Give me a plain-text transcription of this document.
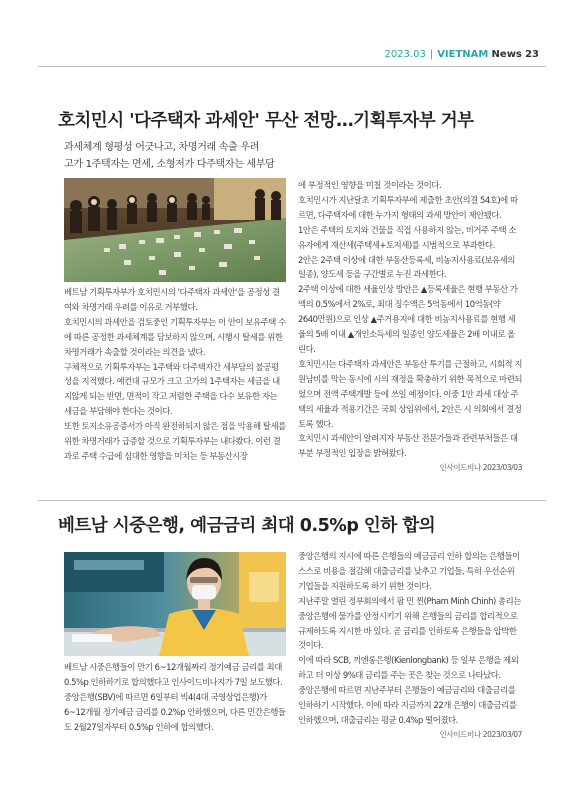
2023.03 | VIETNAM News 23
호치민시 '다주택자 과세안' 무산 전망…기획투자부 거부
과세체계 형평성 어긋나고, 차명거래 속출 우려
고가 1주택자는 면세, 소형저가 다주택자는 세부담

베트남 기획투자부가 호치민시의 '다주택자 과세안'을 공정성 결여와 차명거래 우려를 이유로 거부했다.

호치민시의 과세안을 검토중인 기획투자부는 이 안이 보유주택 수에 따른 공정한 과세체계를 담보하지 않으며, 시행시 탈세를 위한 차명거래가 속출할 것이라는 의견을 냈다.

구체적으로 기획투자부는 1주택와 다주택자간 세부담의 불공평성을 지적했다. 예컨대 규모가 크고 고가의 1주택자는 세금을 내지않게 되는 반면, 면적이 작고 저렴한 주택을 다수 보유한 자는 세금을 부담해야 한다는 것이다.

또한 토지소유공증서가 아직 완전하되지 않은 점을 악용해 탈세를 위한 차명거래가 급증할 것으로 기획투자부는 내다봤다. 이런 결과로 주택 수급에 심대한 영향을 미치는 등 부동산시장

에 부정적인 영향을 미칠 것이라는 것이다.

호치민시가 지난달초 기획투자부에 제출한 초안(의결 54호)에 따르면, 다주택자에 대한 누가지 형태의 과세 방안이 제안됐다.

1안은 주택의 토지와 건물을 직접 사용하지 않는, 비거주 주택 소유자에게 재산세(주택세+토지세)를 시범적으로 부과한다.

2안은 2주택 이상에 대한 부동산등록세, 비농지사용료(보유세의 일종), 양도세 등을 구간별로 누진 과세한다.

2주택 이상에 대한 세율인상 방안은 ▲등록세율은 현행 부동산 가액의 0.5%에서 2%로, 최대 징수액은 5억동에서 10억동(약 2640만원)으로 인상 ▲주거용지에 대한 비농지사용료를 현행 세율의 5배 이내 ▲개인소득세의 일종인 양도세율은 2배 이내로 올린다.

호치민시는 다주택자 과세안은 부동산 투기를 근절하고, 시회적 지원남비를 막는 동시에 시의 재정을 확충하기 위한 목적으로 마련되었으며 전액 주택개발 등에 쓰일 예정이다. 이중 1안 과세 대상 주택의 세율과 적용기간은 국회 상임위에서, 2안은 시 의회에서 결정토록 했다.

호치민시 과세안이 알려지자 부동산 전문가들과 관련부처들은 대부분 부정적인 입장을 밝혀왔다.

인사이드비나 2023/03/03

베트남 시중은행, 예금금리 최대 0.5%p 인하 합의

베트남 시중은행들이 만기 6~12개월짜리 정기예금 금리를 최대 0.5%p 인하하기로 합의했다고 인사이드비나지가 7일 보도했다.

중앙은행(SBV)에 따르면 6일부터 빅4(4대 국영상업은행)가 6~12개월 정기예금 금리를 0.2%p 인하했으며, 다른 민간은행들도 2월27일자부터 0.5%p 인하에 합의했다.

중앙은행의 지시에 따른 은행들의 예금금리 인하 합의는 은행들이 스스로 비용을 절감해 대출금리를 낮추고 기업들, 특히 우선순위 기업들을 지원하도록 하기 위한 것이다.

지난주말 열린 정부회의에서 팜 민 찐(Pham Minh Chinh) 총리는 중앙은행에 물가를 안정시키기 위해 은행들의 금리를 합리적으로 규제하도록 지시한 바 있다. 곧 금리를 인하토록 은행들을 압박한 것이다.

이에 따라 SCB, 끼엔롱은행(Kienlongbank) 등 일부 은행을 제외하고 더 이상 9%대 금리를 주는 곳은 찾는 것으로 나타났다.

중앙은행에 따르면 지난주부터 은행들이 예금금리와 대출금리를 인하하기 시작했다. 이에 따라 지금까지 22개 은행이 대출금리를 인하했으며, 대출금리는 평균 0.4%p 떨어졌다.

인사이드비나 2023/03/07
